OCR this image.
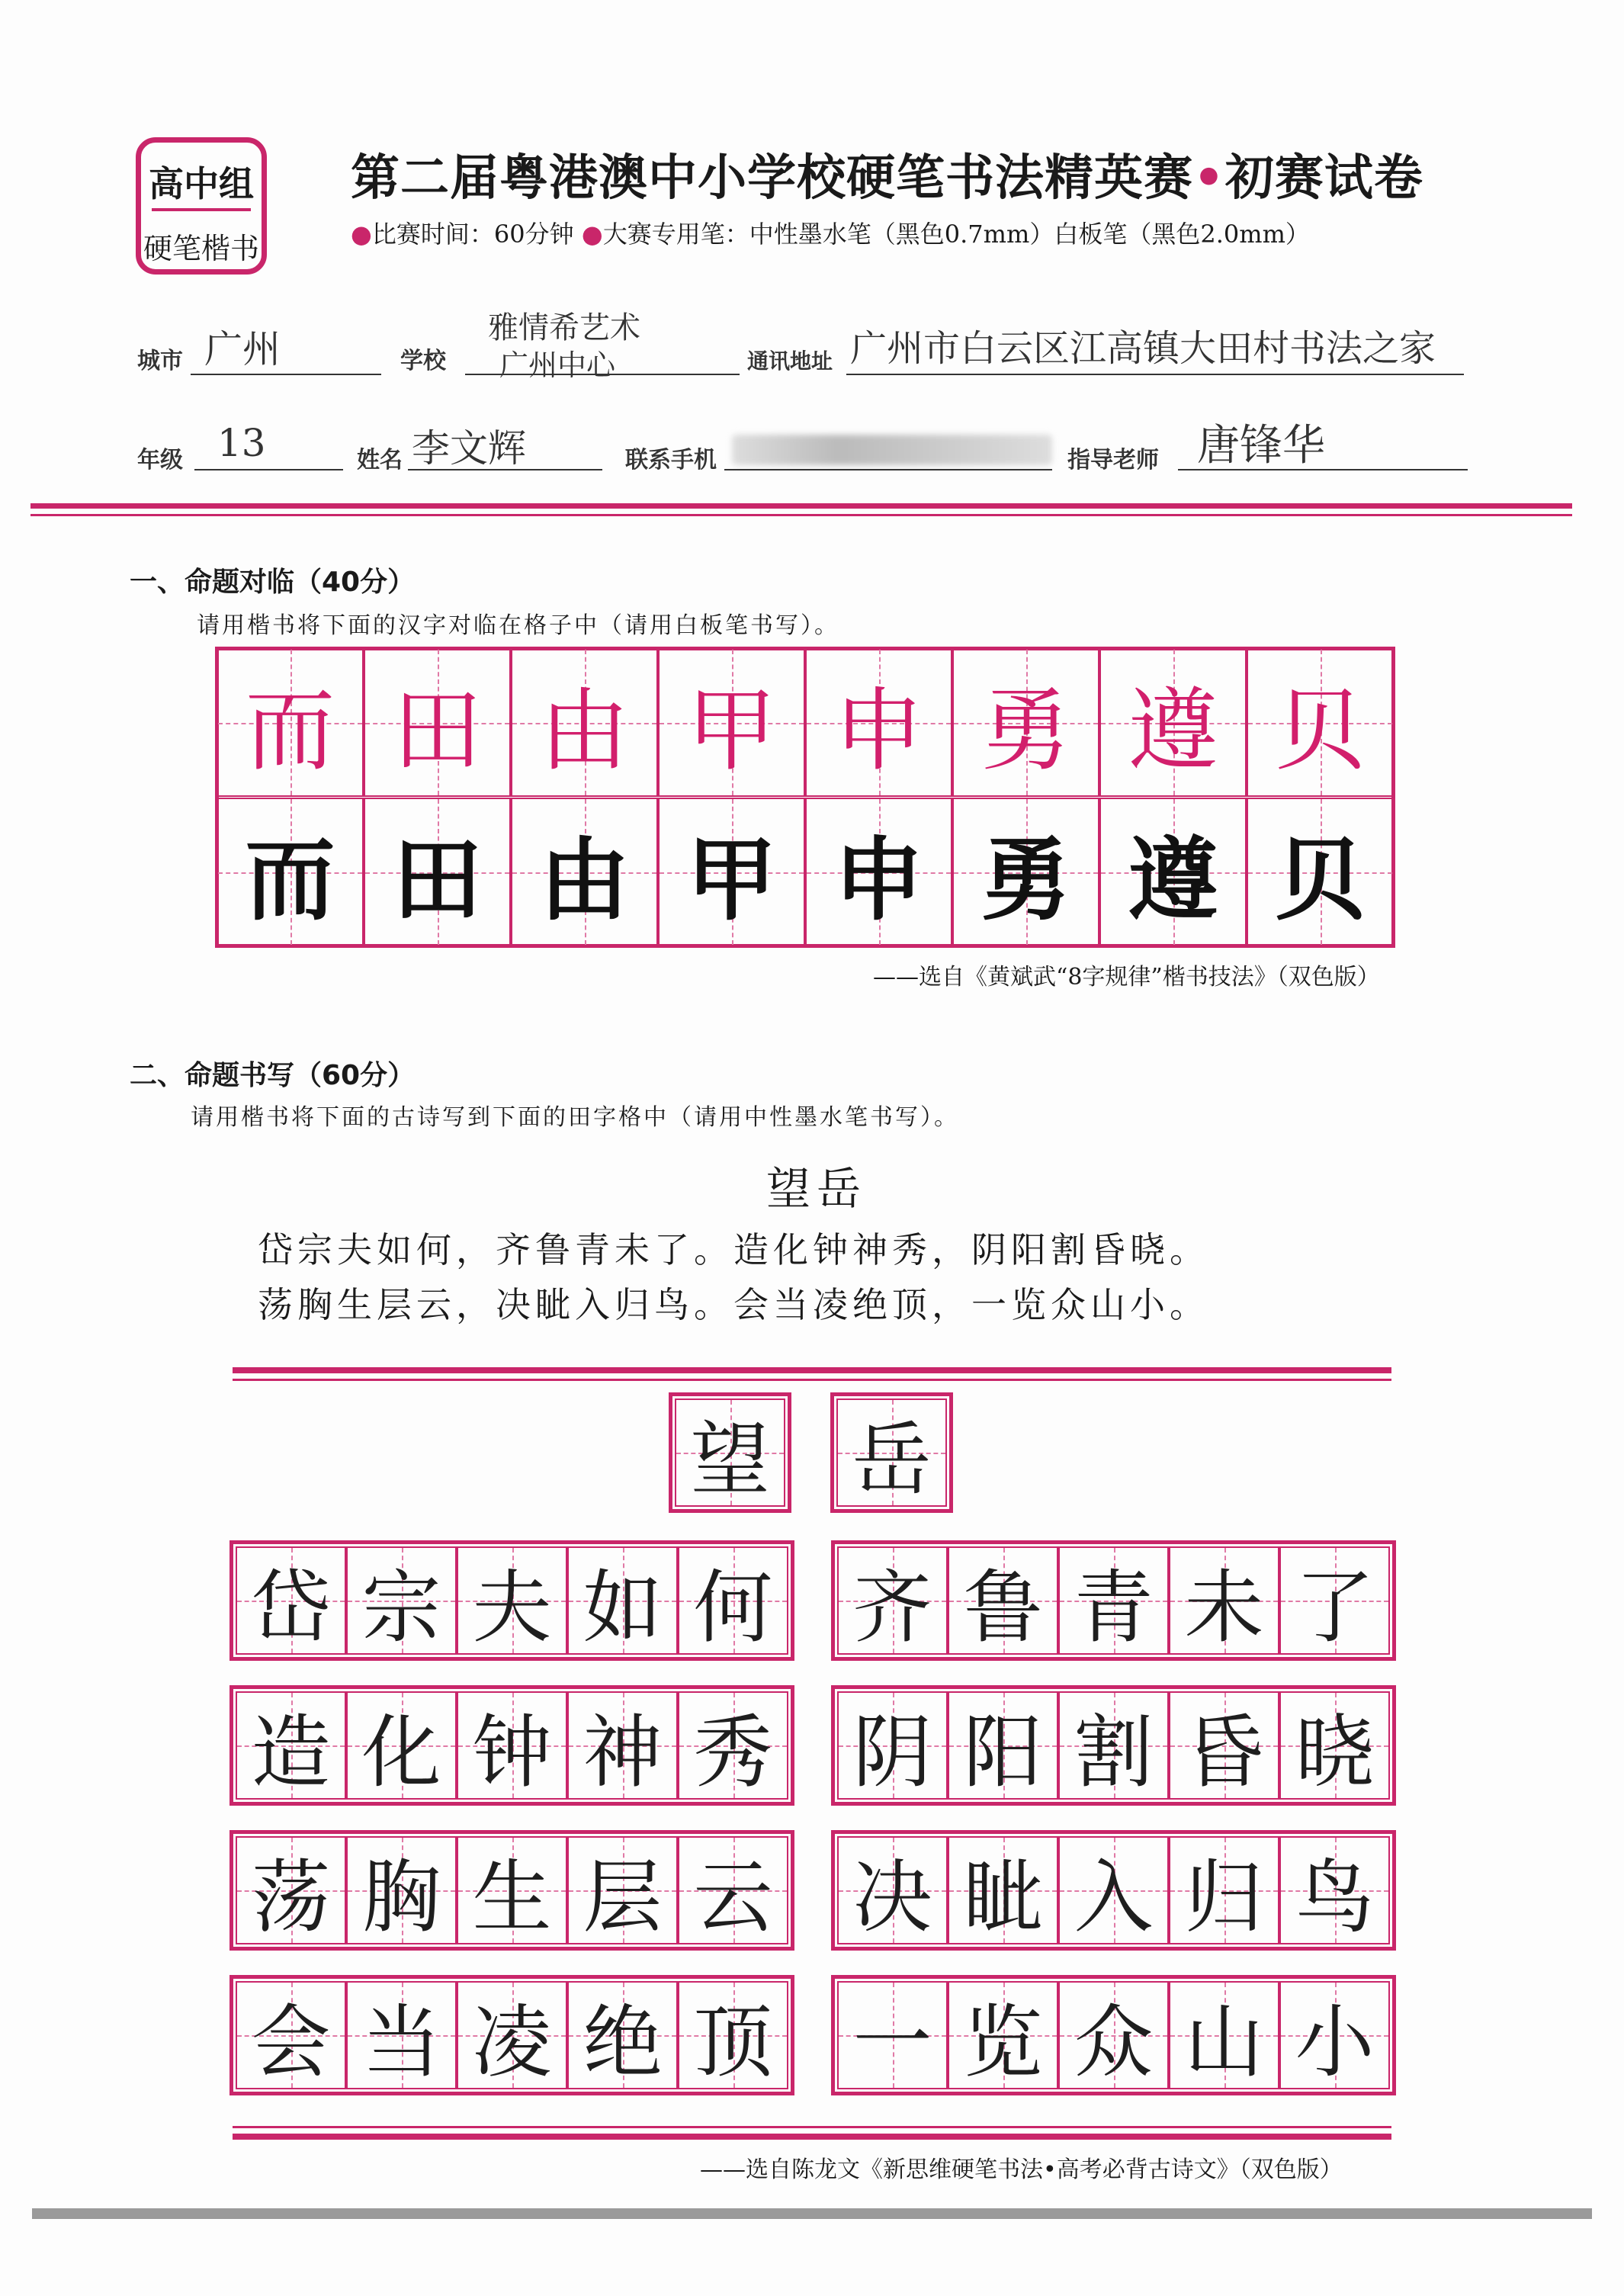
高中组
硬笔楷书
第二届粤港澳中小学校硬笔书法精英赛•初赛试卷
●比赛时间：60分钟 ●大赛专用笔：中性墨水笔（黑色0.7mm）白板笔（黑色2.0mm）
城市 广州	学校
雅情希艺术
广州中心	通讯地址 广州市白云区江高镇大田村书法之家
年级 13	姓名 李文辉	联系手机	指导老师 唐锋华
一、命题对临（40分）
请用楷书将下面的汉字对临在格子中（请用白板笔书写）。
而 田 由 甲 申 勇 遵 贝
而 田 由 甲 申 勇 遵 贝
——选自《黄斌武“8字规律”楷书技法》（双色版）
二、命题书写（60分）
请用楷书将下面的古诗写到下面的田字格中（请用中性墨水笔书写）。
望岳
岱宗夫如何，齐鲁青未了。造化钟神秀，阴阳割昏晓。
荡胸生层云，决眦入归鸟。会当凌绝顶，一览众山小。
望 岳
岱 宗 夫 如 何 齐 鲁 青 未 了
造 化 钟 神 秀 阴 阳 割 昏 晓
荡 胸 生 层 云 决 眦 入 归 鸟
会 当 凌 绝 顶 一 览 众 山 小
——选自陈龙文《新思维硬笔书法•高考必背古诗文》（双色版）
